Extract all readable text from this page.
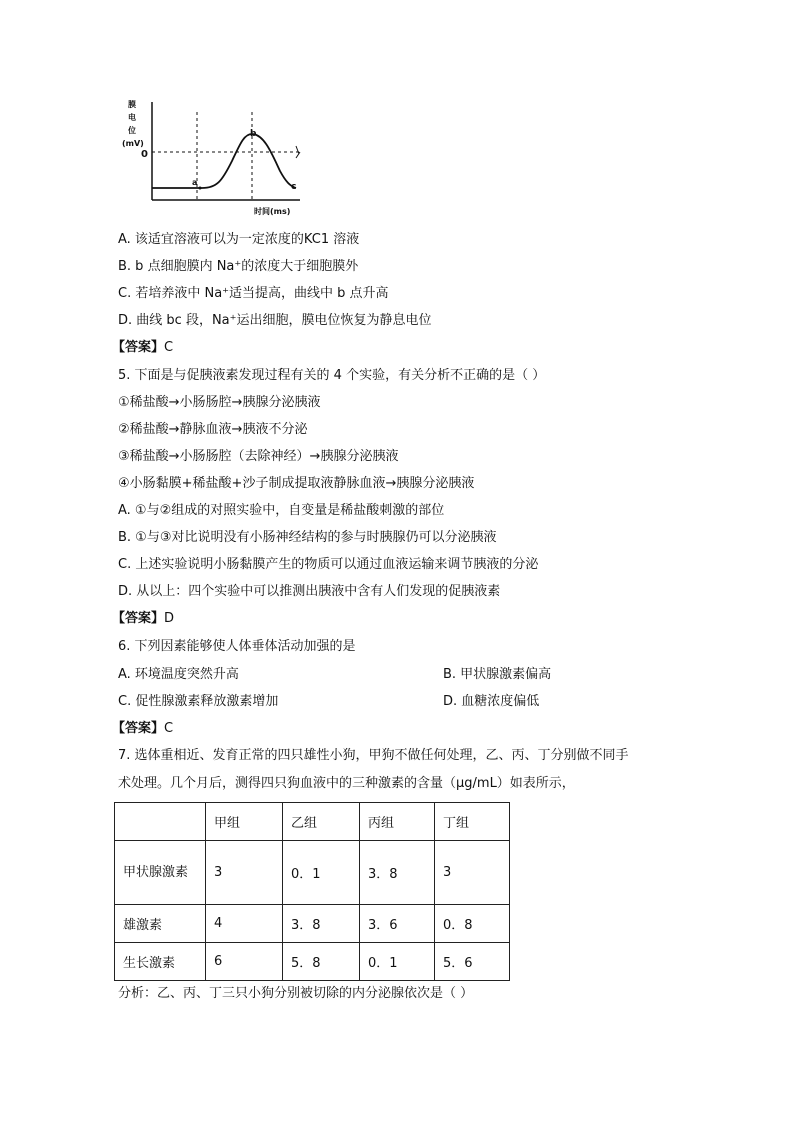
膜
电
位
(mV)
0
a
b
c
时间(ms)
A. 该适宜溶液可以为一定浓度的KC1 溶液
B. b 点细胞膜内 Na⁺的浓度大于细胞膜外
C. 若培养液中 Na⁺适当提高，曲线中 b 点升高
D. 曲线 bc 段，Na⁺运出细胞，膜电位恢复为静息电位
【答案】C
5. 下面是与促胰液素发现过程有关的 4 个实验，有关分析不正确的是（ ）
①稀盐酸→小肠肠腔→胰腺分泌胰液
②稀盐酸→静脉血液→胰液不分泌
③稀盐酸→小肠肠腔（去除神经）→胰腺分泌胰液
④小肠黏膜+稀盐酸+沙子制成提取液静脉血液→胰腺分泌胰液
A. ①与②组成的对照实验中，自变量是稀盐酸刺激的部位
B. ①与③对比说明没有小肠神经结构的参与时胰腺仍可以分泌胰液
C. 上述实验说明小肠黏膜产生的物质可以通过血液运输来调节胰液的分泌
D. 从以上：四个实验中可以推测出胰液中含有人们发现的促胰液素
【答案】D
6. 下列因素能够使人体垂体活动加强的是
A. 环境温度突然升高	B. 甲状腺激素偏高
C. 促性腺激素释放激素增加	D. 血糖浓度偏低
【答案】C
7. 选体重相近、发育正常的四只雄性小狗，甲狗不做任何处理，乙、丙、丁分别做不同手
术处理。几个月后，测得四只狗血液中的三种激素的含量（μg/mL）如表所示，
	甲组	乙组	丙组	丁组
甲状腺激素	3	0．1	3．8	3
雄激素	4	3．8	3．6	0．8
生长激素	6	5．8	0．1	5．6
分析：乙、丙、丁三只小狗分别被切除的内分泌腺依次是（ ）
